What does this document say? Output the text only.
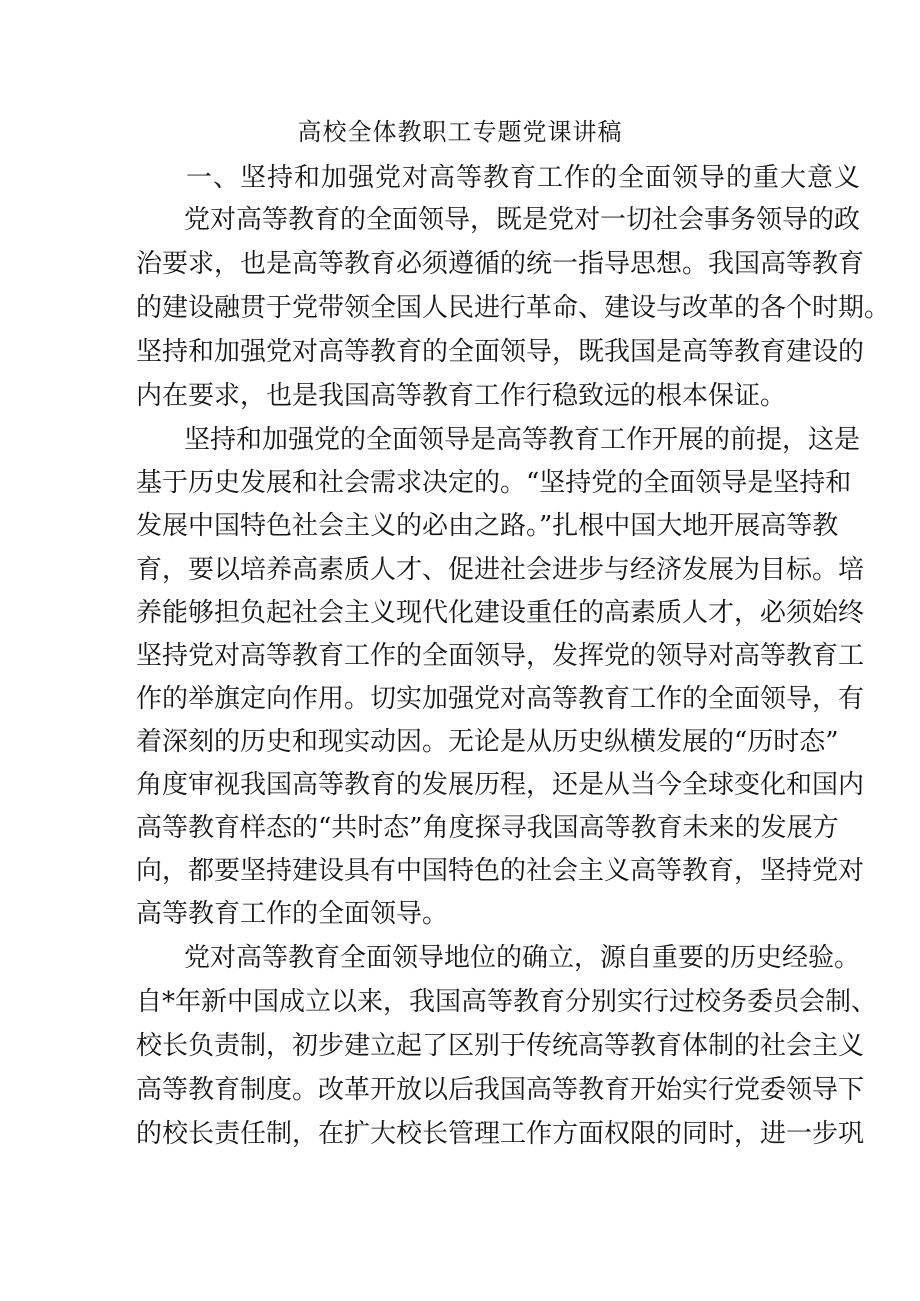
高校全体教职工专题党课讲稿
一、坚持和加强党对高等教育工作的全面领导的重大意义
党对高等教育的全面领导，既是党对一切社会事务领导的政
治要求，也是高等教育必须遵循的统一指导思想。我国高等教育
的建设融贯于党带领全国人民进行革命、建设与改革的各个时期。
坚持和加强党对高等教育的全面领导，既我国是高等教育建设的
内在要求，也是我国高等教育工作行稳致远的根本保证。
坚持和加强党的全面领导是高等教育工作开展的前提，这是
基于历史发展和社会需求决定的。“坚持党的全面领导是坚持和
发展中国特色社会主义的必由之路。”扎根中国大地开展高等教
育，要以培养高素质人才、促进社会进步与经济发展为目标。培
养能够担负起社会主义现代化建设重任的高素质人才，必须始终
坚持党对高等教育工作的全面领导，发挥党的领导对高等教育工
作的举旗定向作用。切实加强党对高等教育工作的全面领导，有
着深刻的历史和现实动因。无论是从历史纵横发展的“历时态”
角度审视我国高等教育的发展历程，还是从当今全球变化和国内
高等教育样态的“共时态”角度探寻我国高等教育未来的发展方
向，都要坚持建设具有中国特色的社会主义高等教育，坚持党对
高等教育工作的全面领导。
党对高等教育全面领导地位的确立，源自重要的历史经验。
自*年新中国成立以来，我国高等教育分别实行过校务委员会制、
校长负责制，初步建立起了区别于传统高等教育体制的社会主义
高等教育制度。改革开放以后我国高等教育开始实行党委领导下
的校长责任制，在扩大校长管理工作方面权限的同时，进一步巩
